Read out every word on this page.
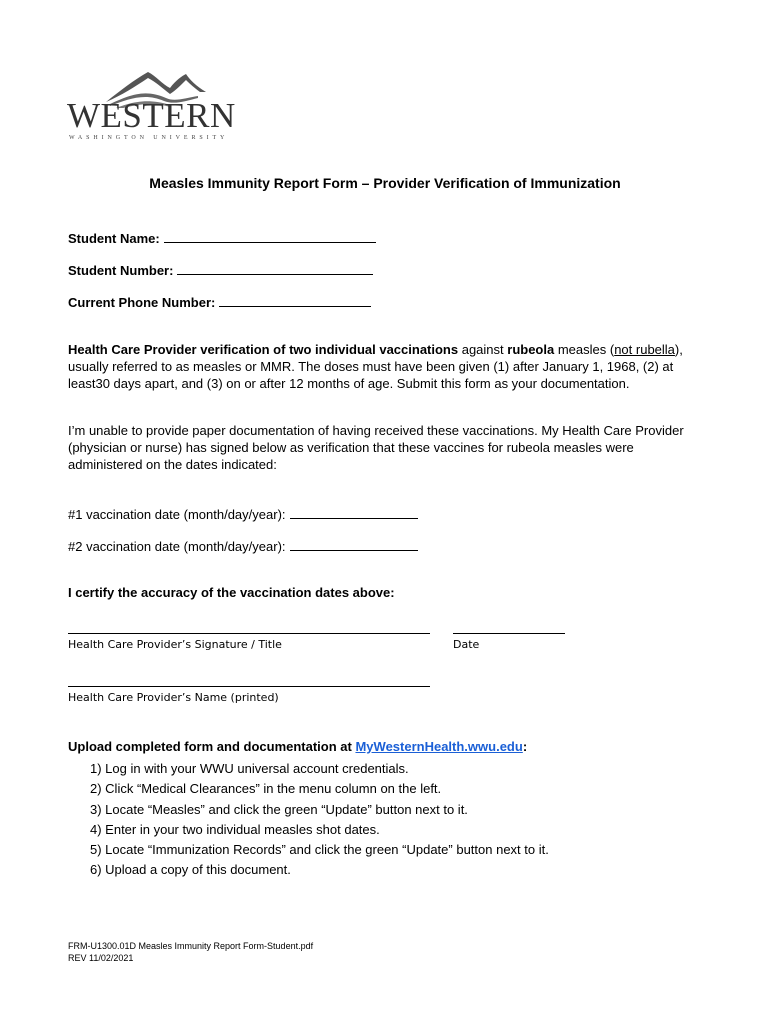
WESTERN
WASHINGTON UNIVERSITY
Measles Immunity Report Form – Provider Verification of Immunization
Student Name:
Student Number:
Current Phone Number:
Health Care Provider verification of two individual vaccinations against rubeola measles (not rubella), usually referred to as measles or MMR. The doses must have been given (1) after January 1, 1968, (2) at least30 days apart, and (3) on or after 12 months of age. Submit this form as your documentation.
I’m unable to provide paper documentation of having received these vaccinations. My Health Care Provider (physician or nurse) has signed below as verification that these vaccines for rubeola measles were administered on the dates indicated:
#1 vaccination date (month/day/year):
#2 vaccination date (month/day/year):
I certify the accuracy of the vaccination dates above:
Health Care Provider’s Signature / Title	Date
Health Care Provider’s Name (printed)
Upload completed form and documentation at MyWesternHealth.wwu.edu:
1) Log in with your WWU universal account credentials.
2) Click “Medical Clearances” in the menu column on the left.
3) Locate “Measles” and click the green “Update” button next to it.
4) Enter in your two individual measles shot dates.
5) Locate “Immunization Records” and click the green “Update” button next to it.
6) Upload a copy of this document.
FRM-U1300.01D Measles Immunity Report Form-Student.pdf
REV 11/02/2021
